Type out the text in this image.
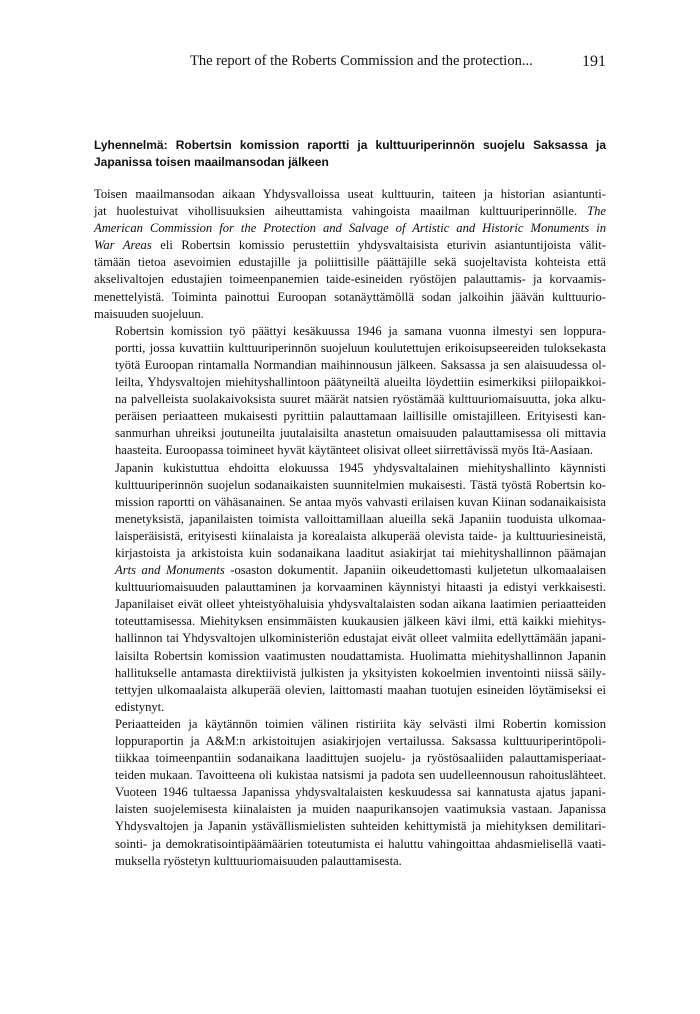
The report of the Roberts Commission and the protection...	191
Lyhennelmä: Robertsin komission raportti ja kulttuuriperinnön suojelu Saksassa ja
Japanissa toisen maailmansodan jälkeen

Toisen maailmansodan aikaan Yhdysvalloissa useat kulttuurin, taiteen ja historian asiantunti-
jat huolestuivat vihollisuuksien aiheuttamista vahingoista maailman kulttuuriperinnölle. The
American Commission for the Protection and Salvage of Artistic and Historic Monuments in
War Areas eli Robertsin komissio perustettiin yhdysvaltaisista eturivin asiantuntijoista välit-
tämään tietoa asevoimien edustajille ja poliittisille päättäjille sekä suojeltavista kohteista että
akselivaltojen edustajien toimeenpanemien taide-esineiden ryöstöjen palauttamis- ja korvaamis-
menettelyistä. Toiminta painottui Euroopan sotanäyttämöllä sodan jalkoihin jäävän kulttuurio-
maisuuden suojeluun.

Robertsin komission työ päättyi kesäkuussa 1946 ja samana vuonna ilmestyi sen loppura-
portti, jossa kuvattiin kulttuuriperinnön suojeluun koulutettujen erikoisupseereiden tuloksekasta
työtä Euroopan rintamalla Normandian maihinnousun jälkeen. Saksassa ja sen alaisuudessa ol-
leilta, Yhdysvaltojen miehityshallintoon päätyneiltä alueilta löydettiin esimerkiksi piilopaikkoi-
na palvelleista suolakaivoksista suuret määrät natsien ryöstämää kulttuuriomaisuutta, joka alku-
peräisen periaatteen mukaisesti pyrittiin palauttamaan laillisille omistajilleen. Erityisesti kan-
sanmurhan uhreiksi joutuneilta juutalaisilta anastetun omaisuuden palauttamisessa oli mittavia
haasteita. Euroopassa toimineet hyvät käytänteet olisivat olleet siirrettävissä myös Itä-Aasiaan.

Japanin kukistuttua ehdoitta elokuussa 1945 yhdysvaltalainen miehityshallinto käynnisti
kulttuuriperinnön suojelun sodanaikaisten suunnitelmien mukaisesti. Tästä työstä Robertsin ko-
mission raportti on vähäsanainen. Se antaa myös vahvasti erilaisen kuvan Kiinan sodanaikaisista
menetyksistä, japanilaisten toimista valloittamillaan alueilla sekä Japaniin tuoduista ulkomaa-
laisperäisistä, erityisesti kiinalaista ja korealaista alkuperää olevista taide- ja kulttuuriesineistä,
kirjastoista ja arkistoista kuin sodanaikana laaditut asiakirjat tai miehityshallinnon päämajan
Arts and Monuments -osaston dokumentit. Japaniin oikeudettomasti kuljetetun ulkomaalaisen
kulttuuriomaisuuden palauttaminen ja korvaaminen käynnistyi hitaasti ja edistyi verkkaisesti.
Japanilaiset eivät olleet yhteistyöhaluisia yhdysvaltalaisten sodan aikana laatimien periaatteiden
toteuttamisessa. Miehityksen ensimmäisten kuukausien jälkeen kävi ilmi, että kaikki miehitys-
hallinnon tai Yhdysvaltojen ulkoministeriön edustajat eivät olleet valmiita edellyttämään japani-
laisilta Robertsin komission vaatimusten noudattamista. Huolimatta miehityshallinnon Japanin
hallitukselle antamasta direktiivistä julkisten ja yksityisten kokoelmien inventointi niissä säily-
tettyjen ulkomaalaista alkuperää olevien, laittomasti maahan tuotujen esineiden löytämiseksi ei
edistynyt.

Periaatteiden ja käytännön toimien välinen ristiriita käy selvästi ilmi Robertin komission
loppuraportin ja A&M:n arkistoitujen asiakirjojen vertailussa. Saksassa kulttuuriperintöpoli-
tiikkaa toimeenpantiin sodanaikana laadittujen suojelu- ja ryöstösaaliiden palauttamisperiaat-
teiden mukaan. Tavoitteena oli kukistaa natsismi ja padota sen uudelleennousun rahoituslähteet.
Vuoteen 1946 tultaessa Japanissa yhdysvaltalaisten keskuudessa sai kannatusta ajatus japani-
laisten suojelemisesta kiinalaisten ja muiden naapurikansojen vaatimuksia vastaan. Japanissa
Yhdysvaltojen ja Japanin ystävällismielisten suhteiden kehittymistä ja miehityksen demilitari-
sointi- ja demokratisointipäämäärien toteutumista ei haluttu vahingoittaa ahdasmielisellä vaati-
muksella ryöstetyn kulttuuriomaisuuden palauttamisesta.
